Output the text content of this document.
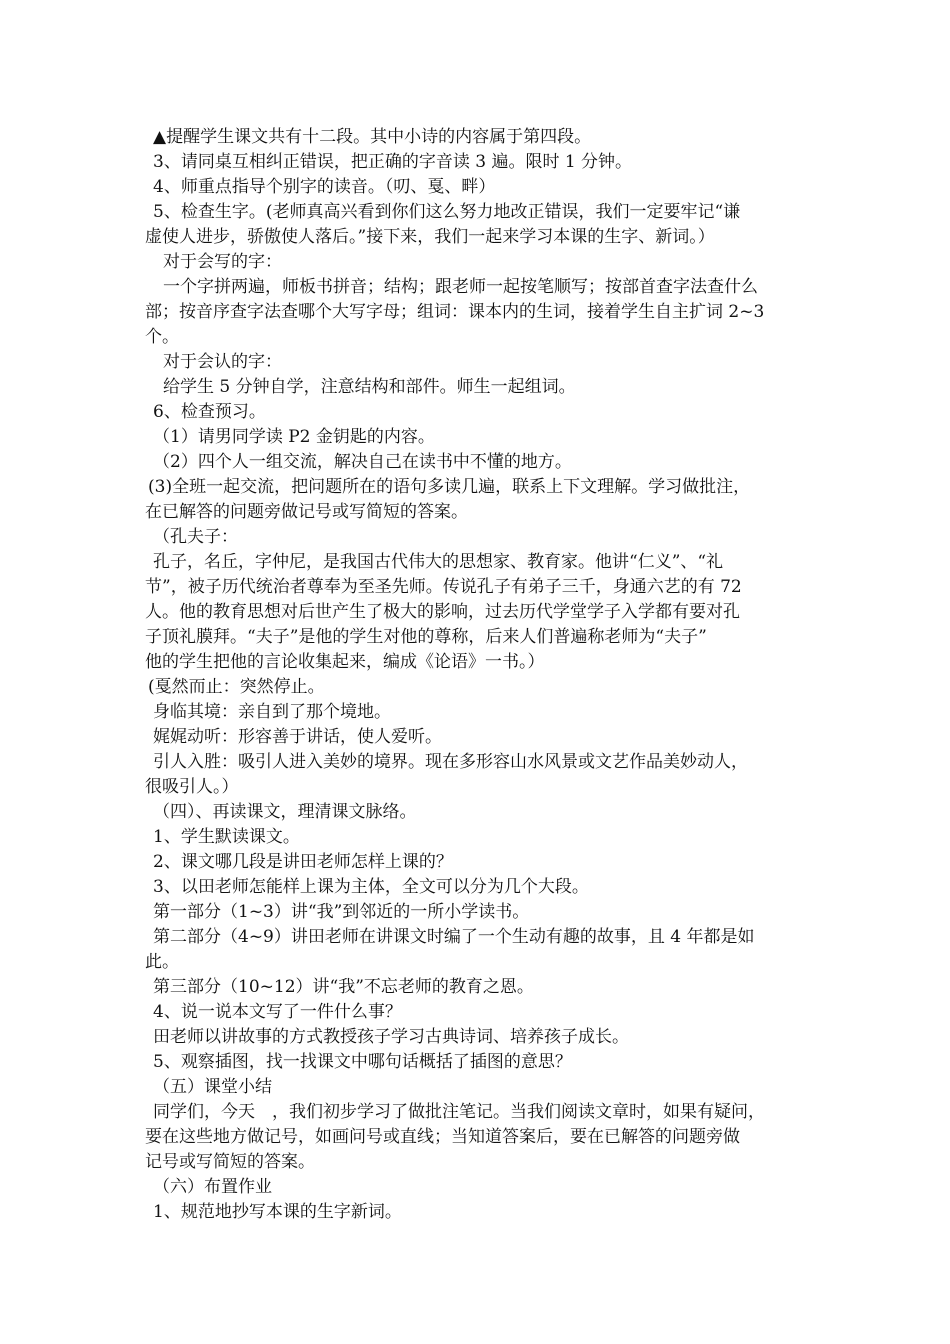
▲提醒学生课文共有十二段。其中小诗的内容属于第四段。
3、请同桌互相纠正错误，把正确的字音读 3 遍。限时 1 分钟。
4、师重点指导个别字的读音。（叨、戛、畔）
5、检查生字。(老师真高兴看到你们这么努力地改正错误，我们一定要牢记“谦
虚使人进步，骄傲使人落后。”接下来，我们一起来学习本课的生字、新词。）
对于会写的字：
一个字拼两遍，师板书拼音；结构；跟老师一起按笔顺写；按部首查字法查什么
部；按音序查字法查哪个大写字母；组词：课本内的生词，接着学生自主扩词 2~3
个。
对于会认的字：
给学生 5 分钟自学，注意结构和部件。师生一起组词。
6、检查预习。
（1）请男同学读 P2 金钥匙的内容。
（2）四个人一组交流，解决自己在读书中不懂的地方。
(3)全班一起交流，把问题所在的语句多读几遍，联系上下文理解。学习做批注，
在已解答的问题旁做记号或写简短的答案。
（孔夫子：
孔子，名丘，字仲尼，是我国古代伟大的思想家、教育家。他讲“仁义”、“礼
节”，被子历代统治者尊奉为至圣先师。传说孔子有弟子三千，身通六艺的有 72
人。他的教育思想对后世产生了极大的影响，过去历代学堂学子入学都有要对孔
子顶礼膜拜。“夫子”是他的学生对他的尊称，后来人们普遍称老师为“夫子”
他的学生把他的言论收集起来，编成《论语》一书。）
(戛然而止：突然停止。
身临其境：亲自到了那个境地。
娓娓动听：形容善于讲话，使人爱听。
引人入胜：吸引人进入美妙的境界。现在多形容山水风景或文艺作品美妙动人，
很吸引人。）
（四）、再读课文，理清课文脉络。
1、学生默读课文。
2、课文哪几段是讲田老师怎样上课的？
3、以田老师怎能样上课为主体，全文可以分为几个大段。
第一部分（1~3）讲“我”到邻近的一所小学读书。
第二部分（4~9）讲田老师在讲课文时编了一个生动有趣的故事，且 4 年都是如
此。
第三部分（10~12）讲“我”不忘老师的教育之恩。
4、说一说本文写了一件什么事？
田老师以讲故事的方式教授孩子学习古典诗词、培养孩子成长。
5、观察插图，找一找课文中哪句话概括了插图的意思？
（五）课堂小结
同学们，今天　，我们初步学习了做批注笔记。当我们阅读文章时，如果有疑问，
要在这些地方做记号，如画问号或直线；当知道答案后，要在已解答的问题旁做
记号或写简短的答案。
（六）布置作业
1、规范地抄写本课的生字新词。
